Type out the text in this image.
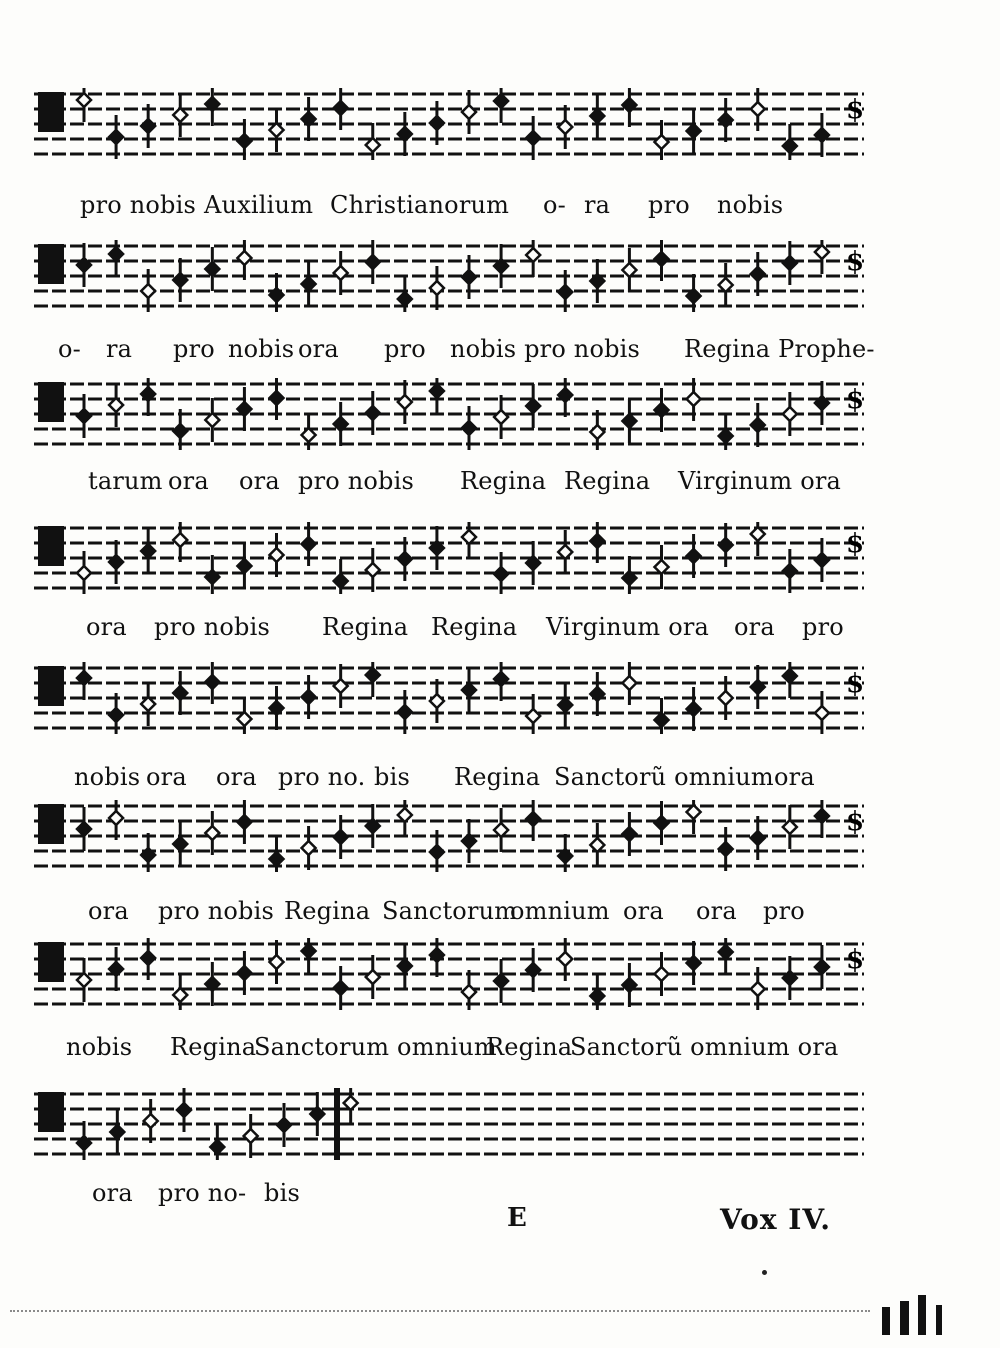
$
pro nobis Auxilium Christianorum o- ra pro nobis
$
o- ra pro nobis ora pro nobis pro nobis Regina Prophe-
$
tarum ora ora pro nobis Regina Regina Virginum ora
$
ora pro nobis Regina Regina Virginum ora ora pro
$
nobis ora ora pro no. bis Regina Sanctorũ omnium ora
$
ora pro nobis Regina Sanctorum
omnium ora ora pro
$
nobis Regina
Sanctorum omnium
Regina
Sanctorũ omnium ora
ora pro no- bis
E	Vox IV.
